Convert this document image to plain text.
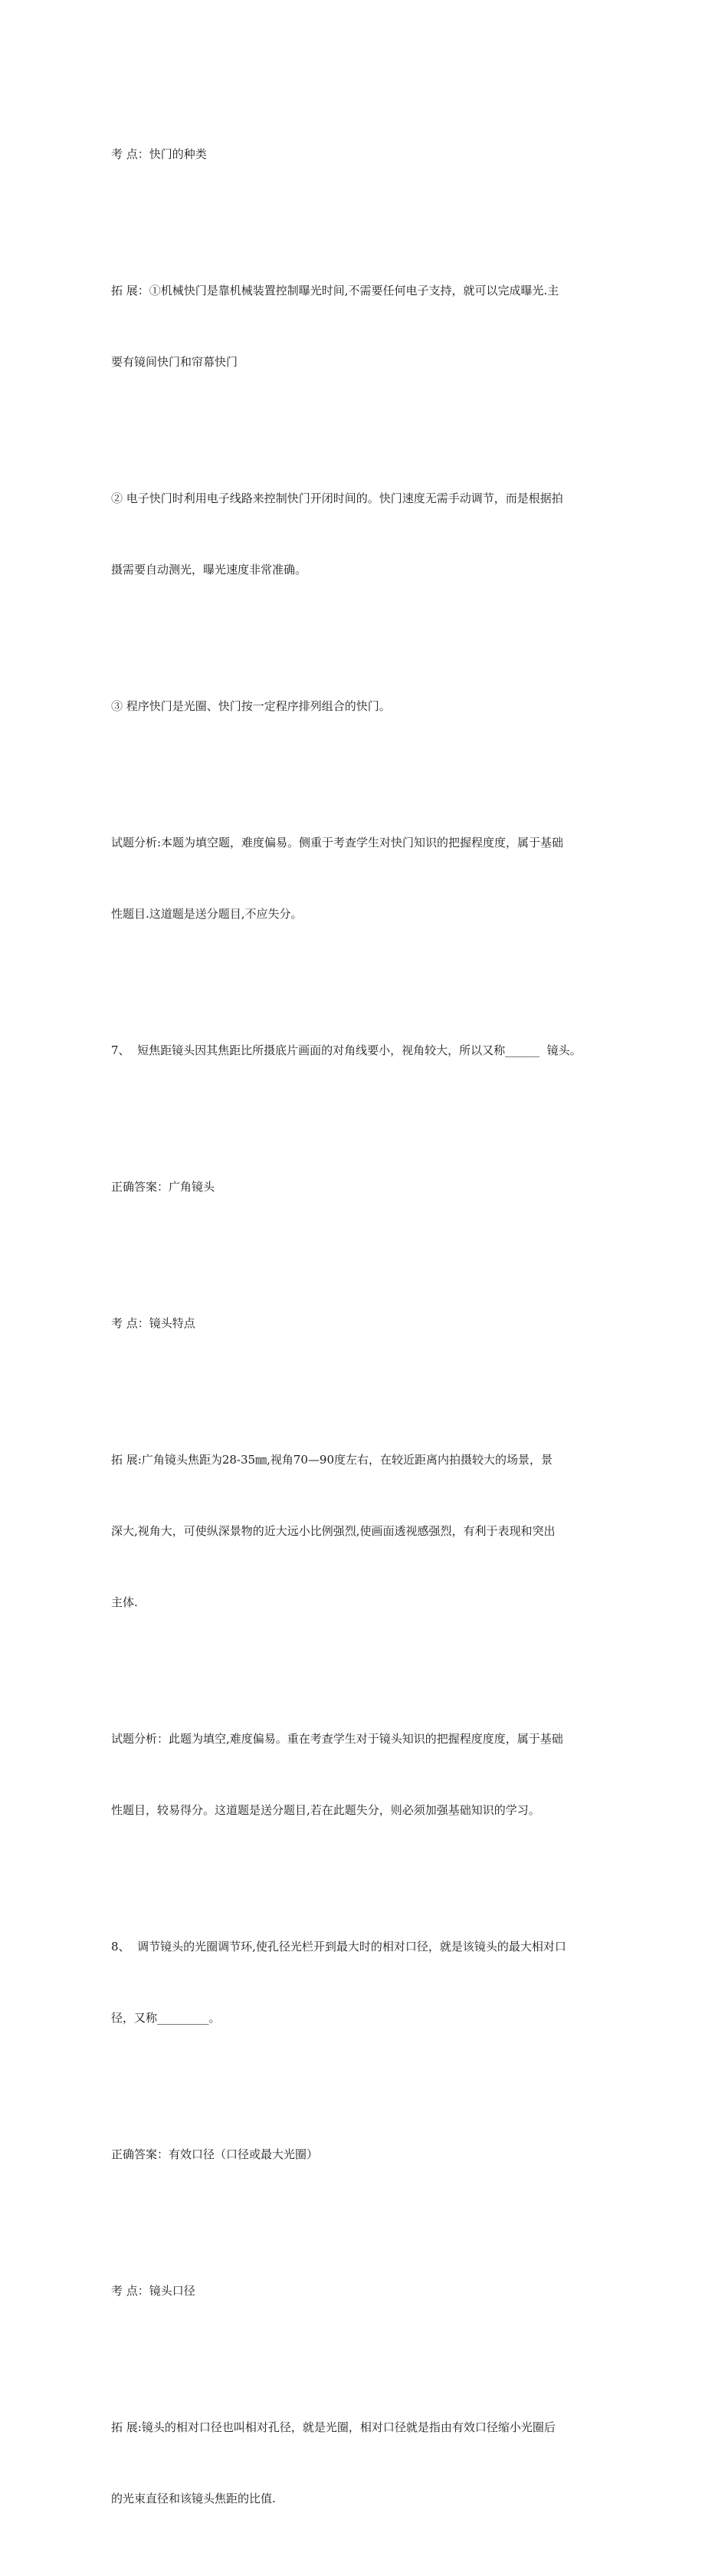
考 点：快门的种类

拓 展：①机械快门是靠机械装置控制曝光时间,不需要任何电子支持，就可以完成曝光.主

要有镜间快门和帘幕快门

② 电子快门时利用电子线路来控制快门开闭时间的。快门速度无需手动调节，而是根据拍

摄需要自动测光，曝光速度非常准确。

③ 程序快门是光圈、快门按一定程序排列组合的快门。

试题分析:本题为填空题，难度偏易。侧重于考查学生对快门知识的把握程度度，属于基础

性题目.这道题是送分题目,不应失分。

7、  短焦距镜头因其焦距比所摄底片画面的对角线要小，视角较大，所以又称______  镜头。

正确答案：广角镜头

考 点：镜头特点

拓 展:广角镜头焦距为28-35㎜,视角70—90度左右，在较近距离内拍摄较大的场景，景

深大,视角大，可使纵深景物的近大远小比例强烈,使画面透视感强烈，有利于表现和突出

主体.

试题分析：此题为填空,难度偏易。重在考查学生对于镜头知识的把握程度度度，属于基础

性题目，较易得分。这道题是送分题目,若在此题失分，则必须加强基础知识的学习。

8、  调节镜头的光圈调节环,使孔径光栏开到最大时的相对口径，就是该镜头的最大相对口

径，又称_________。

正确答案：有效口径（口径或最大光圈）

考 点：镜头口径

拓 展:镜头的相对口径也叫相对孔径，就是光圈，相对口径就是指由有效口径缩小光圈后

的光束直径和该镜头焦距的比值.
